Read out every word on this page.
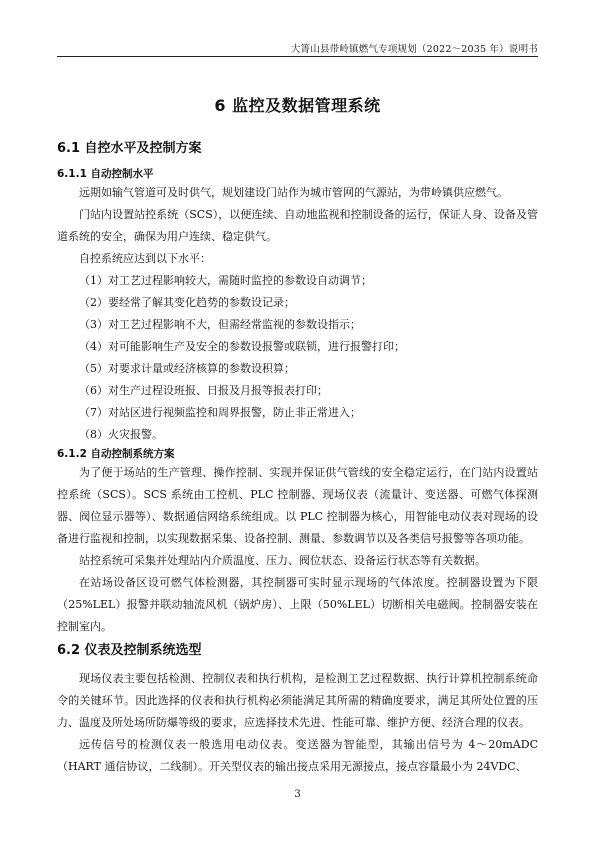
大箐山县带岭镇燃气专项规划（2022～2035 年）说明书
6 监控及数据管理系统
6.1 自控水平及控制方案
6.1.1 自动控制水平

远期如输气管道可及时供气，规划建设门站作为城市管网的气源站，为带岭镇供应燃气。

门站内设置站控系统（SCS），以便连续、自动地监视和控制设备的运行，保证人身、设备及管道系统的安全，确保为用户连续、稳定供气。

自控系统应达到以下水平：

（1）对工艺过程影响较大，需随时监控的参数设自动调节；
（2）要经常了解其变化趋势的参数设记录；
（3）对工艺过程影响不大，但需经常监视的参数设指示；
（4）对可能影响生产及安全的参数设报警或联锁，进行报警打印；
（5）对要求计量或经济核算的参数设积算；
（6）对生产过程设班报、日报及月报等报表打印；
（7）对站区进行视频监控和周界报警，防止非正常进入；
（8）火灾报警。
6.1.2 自动控制系统方案

为了便于场站的生产管理、操作控制、实现并保证供气管线的安全稳定运行，在门站内设置站控系统（SCS）。SCS 系统由工控机、PLC 控制器、现场仪表（流量计、变送器、可燃气体探测器、阀位显示器等）、数据通信网络系统组成。以 PLC 控制器为核心，用智能电动仪表对现场的设备进行监视和控制，以实现数据采集、设备控制、测量、参数调节以及各类信号报警等各项功能。

站控系统可采集并处理站内介质温度、压力、阀位状态、设备运行状态等有关数据。

在站场设备区设可燃气体检测器，其控制器可实时显示现场的气体浓度。控制器设置为下限（25%LEL）报警并联动轴流风机（锅炉房）、上限（50%LEL）切断相关电磁阀。控制器安装在控制室内。

6.2 仪表及控制系统选型

现场仪表主要包括检测、控制仪表和执行机构，是检测工艺过程数据、执行计算机控制系统命令的关键环节。因此选择的仪表和执行机构必须能满足其所需的精确度要求，满足其所处位置的压力、温度及所处场所防爆等级的要求，应选择技术先进、性能可靠、维护方便、经济合理的仪表。

远传信号的检测仪表一般选用电动仪表。变送器为智能型，其输出信号为 4～20mADC（HART 通信协议，二线制）。开关型仪表的输出接点采用无源接点，接点容量最小为 24VDC、

3
